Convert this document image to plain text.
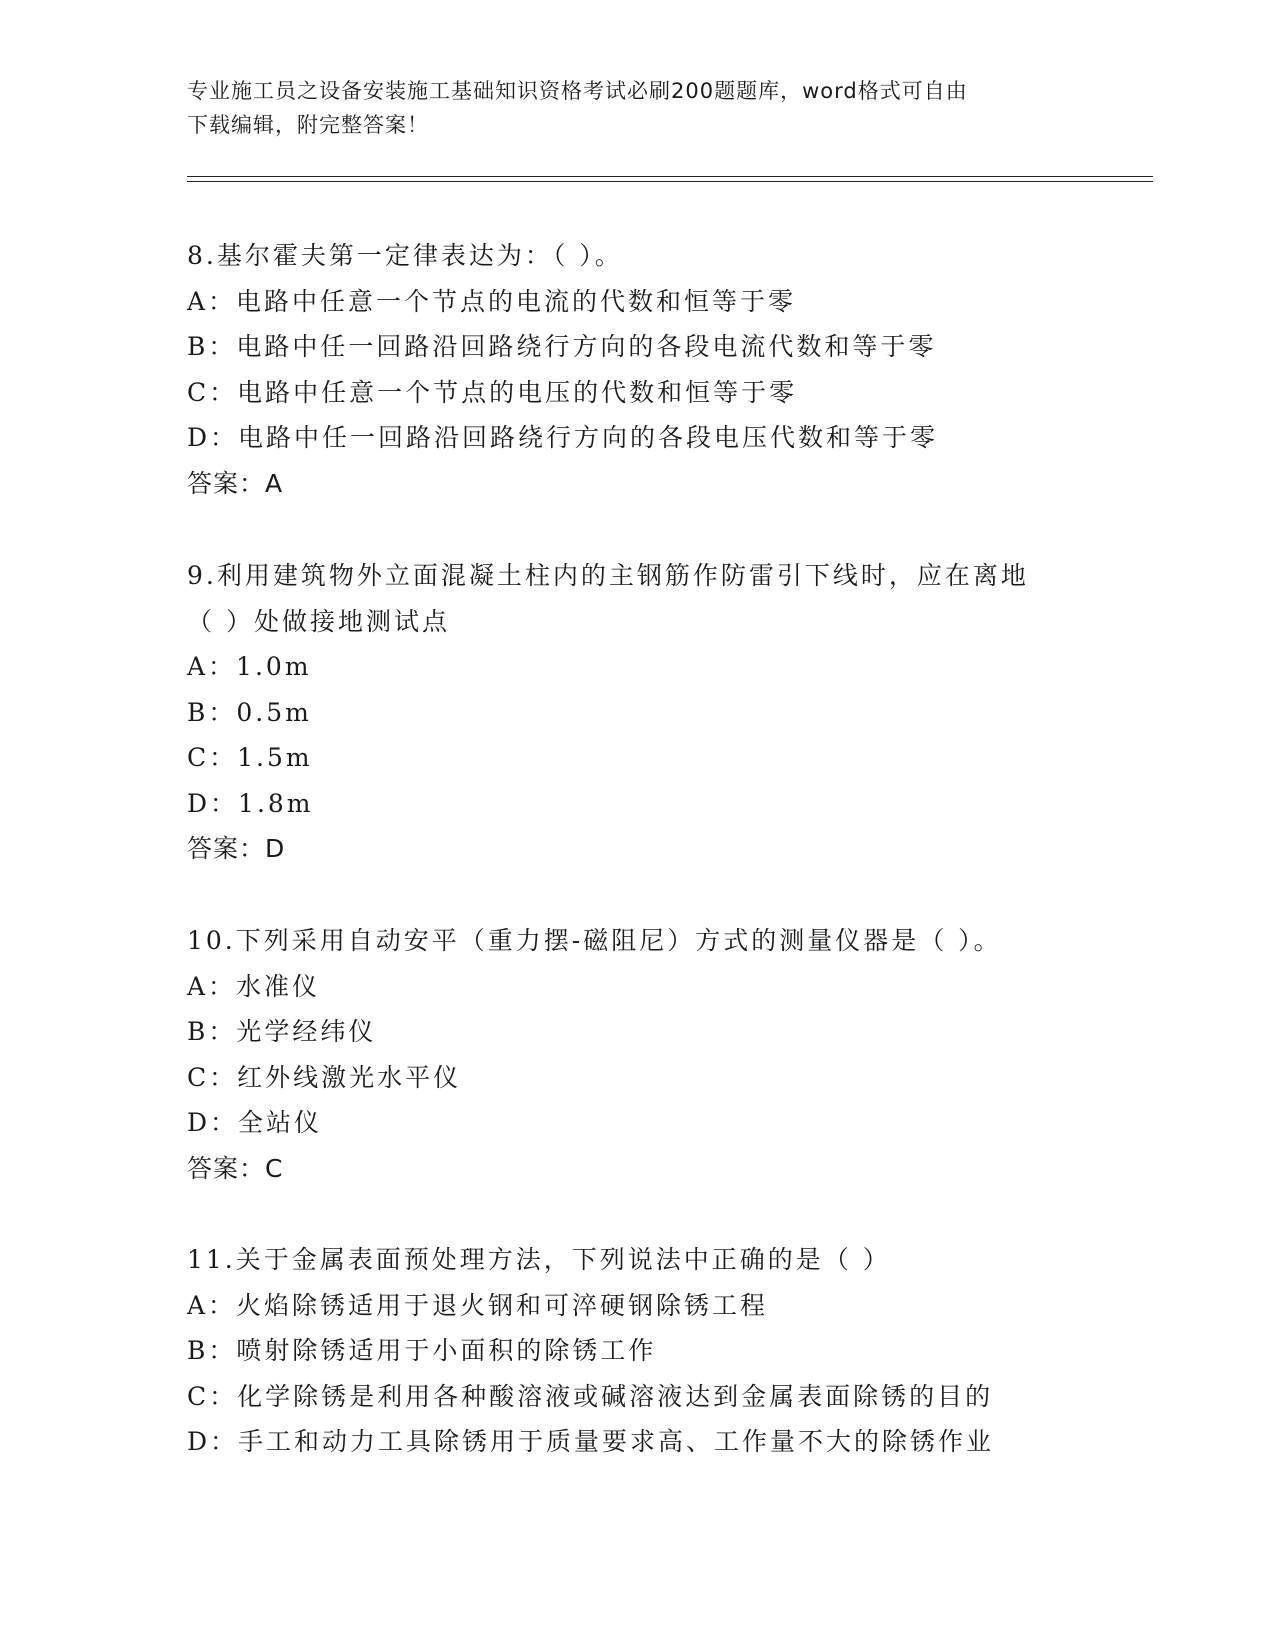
专业施工员之设备安装施工基础知识资格考试必刷200题题库，word格式可自由
下载编辑，附完整答案！
8.基尔霍夫第一定律表达为：（ ）。
A：电路中任意一个节点的电流的代数和恒等于零
B：电路中任一回路沿回路绕行方向的各段电流代数和等于零
C：电路中任意一个节点的电压的代数和恒等于零
D：电路中任一回路沿回路绕行方向的各段电压代数和等于零
答案：A
9.利用建筑物外立面混凝土柱内的主钢筋作防雷引下线时，应在离地
（ ）处做接地测试点
A：1.0m
B：0.5m
C：1.5m
D：1.8m
答案：D
10.下列采用自动安平（重力摆-磁阻尼）方式的测量仪器是（ ）。
A：水准仪
B：光学经纬仪
C：红外线激光水平仪
D：全站仪
答案：C
11.关于金属表面预处理方法，下列说法中正确的是（ ）
A：火焰除锈适用于退火钢和可淬硬钢除锈工程
B：喷射除锈适用于小面积的除锈工作
C：化学除锈是利用各种酸溶液或碱溶液达到金属表面除锈的目的
D：手工和动力工具除锈用于质量要求高、工作量不大的除锈作业
